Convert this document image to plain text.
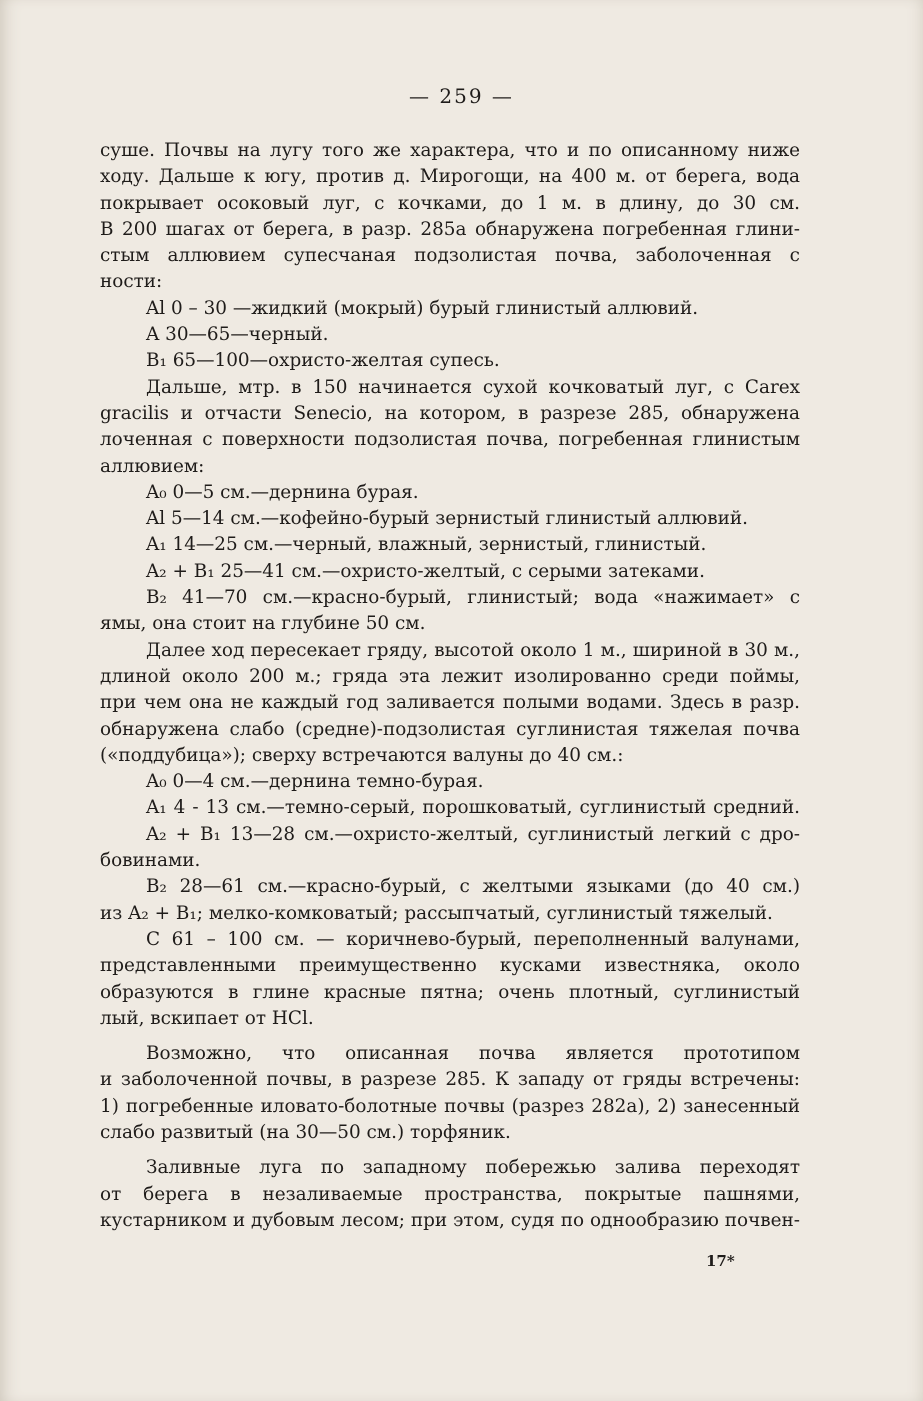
— 259 —
суше. Почвы на лугу того же характера, что и по описанному ниже
ходу. Дальше к югу, против д. Мирогощи, на 400 м. от берега, вода
покрывает осоковый луг, с кочками, до 1 м. в длину, до 30 см.
В 200 шагах от берега, в разр. 285а обнаружена погребенная глини-
стым аллювием супесчаная подзолистая почва, заболоченная с
ности:
Al 0 – 30 —жидкий (мокрый) бурый глинистый аллювий.
A 30—65—черный.
B₁ 65—100—охристо-желтая супесь.
Дальше, мтр. в 150 начинается сухой кочковатый луг, с Carex
gracilis и отчасти Senecio, на котором, в разрезе 285, обнаружена
лоченная с поверхности подзолистая почва, погребенная глинистым
аллювием:
A₀ 0—5 см.—дернина бурая.
Al 5—14 см.—кофейно-бурый зернистый глинистый аллювий.
A₁ 14—25 см.—черный, влажный, зернистый, глинистый.
A₂ + B₁ 25—41 см.—охристо-желтый, с серыми затеками.
B₂ 41—70 см.—красно-бурый, глинистый; вода «нажимает» с
ямы, она стоит на глубине 50 см.
Далее ход пересекает гряду, высотой около 1 м., шириной в 30 м.,
длиной около 200 м.; гряда эта лежит изолированно среди поймы,
при чем она не каждый год заливается полыми водами. Здесь в разр.
обнаружена слабо (средне)-подзолистая суглинистая тяжелая почва
(«поддубица»); сверху встречаются валуны до 40 см.:
A₀ 0—4 см.—дернина темно-бурая.
A₁ 4 - 13 см.—темно-серый, порошковатый, суглинистый средний.
A₂ + B₁ 13—28 см.—охристо-желтый, суглинистый легкий с дро-
бовинами.
B₂ 28—61 см.—красно-бурый, с желтыми языками (до 40 см.)
из A₂ + B₁; мелко-комковатый; рассыпчатый, суглинистый тяжелый.
C 61 – 100 см. — коричнево-бурый, переполненный валунами,
представленными преимущественно кусками известняка, около
образуются в глине красные пятна; очень плотный, суглинистый
лый, вскипает от HCl.
Возможно, что описанная почва является прототипом
и заболоченной почвы, в разрезе 285. К западу от гряды встречены:
1) погребенные иловато-болотные почвы (разрез 282а), 2) занесенный
слабо развитый (на 30—50 см.) торфяник.
Заливные луга по западному побережью залива переходят
от берега в незаливаемые пространства, покрытые пашнями,
кустарником и дубовым лесом; при этом, судя по однообразию почвен-
17*
